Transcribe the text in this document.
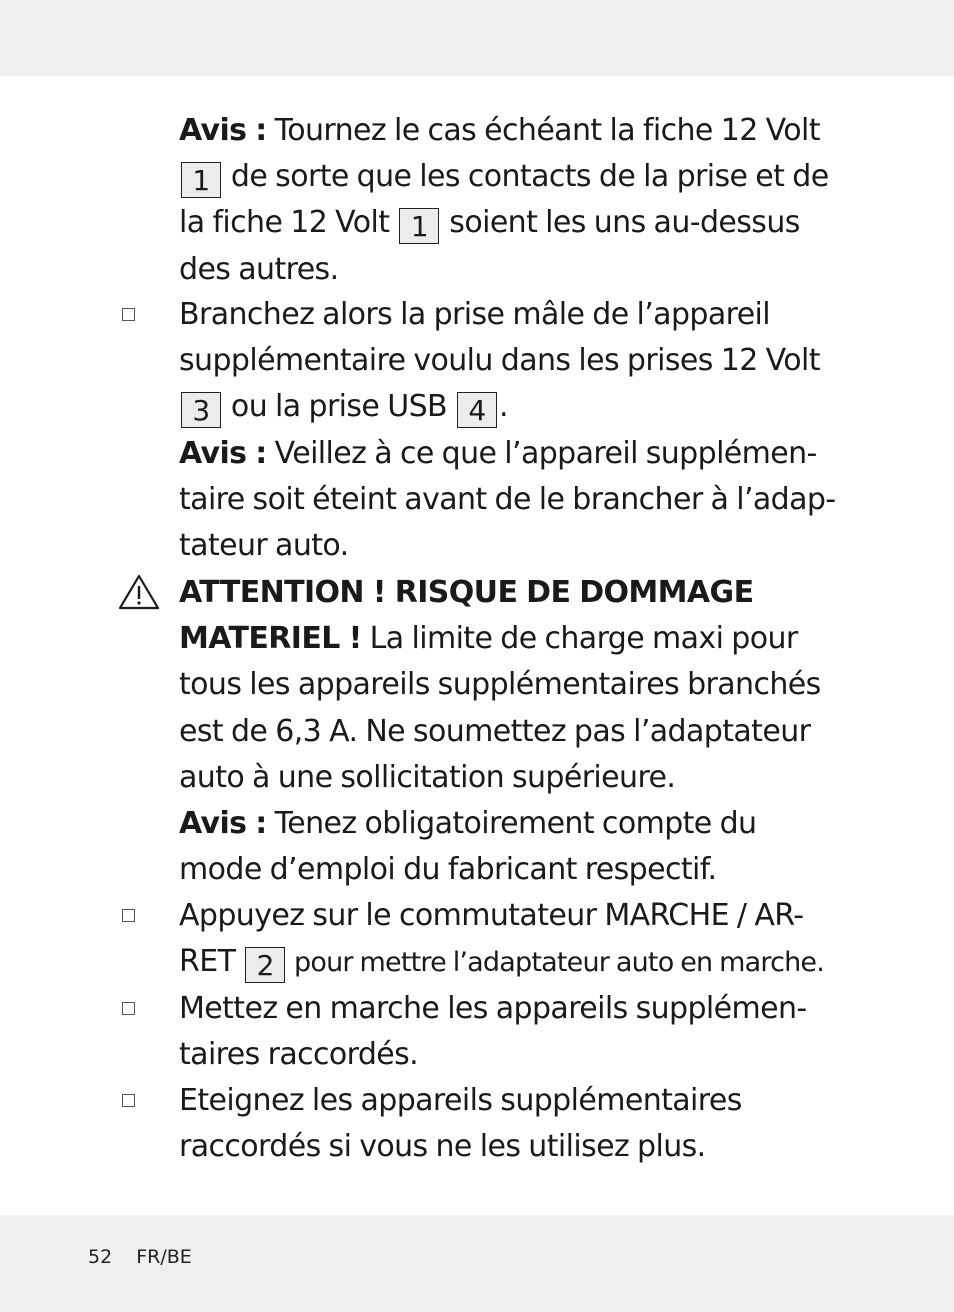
Avis : Tournez le cas échéant la fiche 12 Volt 1 de sorte que les contacts de la prise et de la fiche 12 Volt 1 soient les uns au-dessus des autres.

Branchez alors la prise mâle de l’appareil supplémentaire voulu dans les prises 12 Volt 3 ou la prise USB 4 .

Avis : Veillez à ce que l’appareil supplémen-taire soit éteint avant de le brancher à l’adap-tateur auto.

ATTENTION ! RISQUE DE DOMMAGE MATERIEL ! La limite de charge maxi pour tous les appareils supplémentaires branchés est de 6,3 A. Ne soumettez pas l’adaptateur auto à une sollicitation supérieure.

Avis : Tenez obligatoirement compte du mode d’emploi du fabricant respectif.

Appuyez sur le commutateur MARCHE / AR-RET 2 pour mettre l’adaptateur auto en marche.

Mettez en marche les appareils supplémen-taires raccordés.

Eteignez les appareils supplémentaires raccordés si vous ne les utilisez plus.

52 FR/BE
